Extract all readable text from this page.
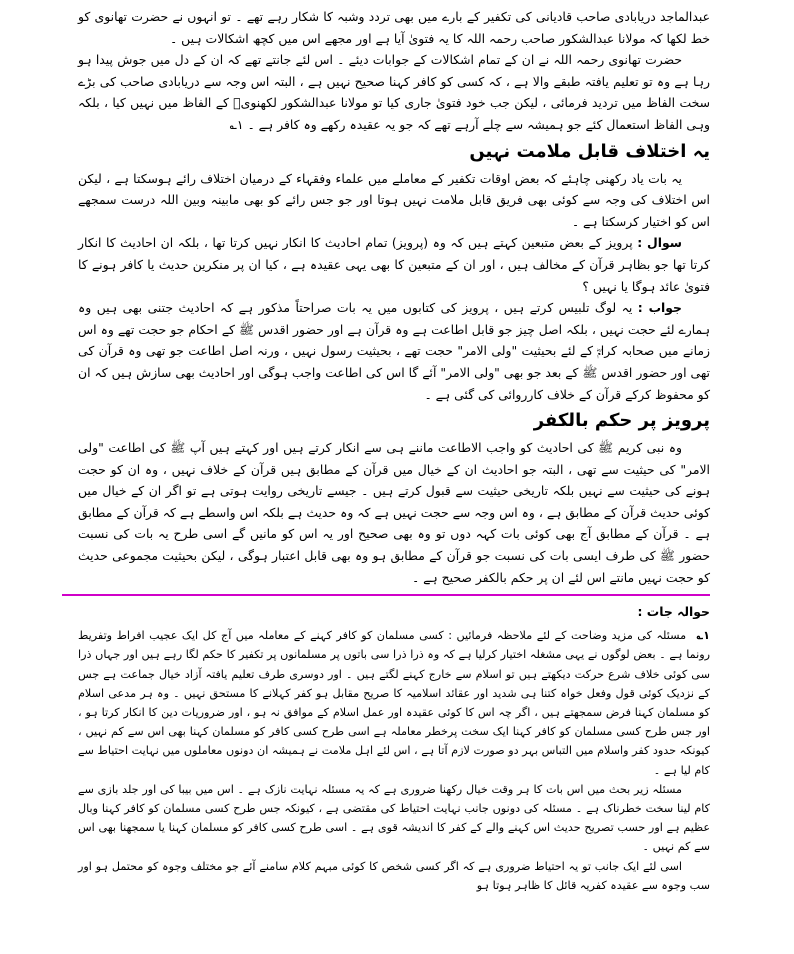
عبدالماجد دریابادی صاحب قادیانی کی تکفیر کے بارے میں بھی تردد وشبہ کا شکار رہے تھے ۔ تو انہوں نے حضرت تھانوی کو خط لکھا کہ مولانا عبدالشکور صاحب رحمہ اللہ کا یہ فتویٰ آیا ہے اور مجھے اس میں کچھ اشکالات ہیں ۔

حضرت تھانوی رحمہ اللہ نے ان کے تمام اشکالات کے جوابات دیئے ۔ اس لئے جانتے تھے کہ ان کے دل میں جوش پیدا ہو رہا ہے وہ تو تعلیم یافتہ طبقے والا ہے ، کہ کسی کو کافر کہنا صحیح نہیں ہے ، البتہ اس وجہ سے دریابادی صاحب کی بڑے سخت الفاظ میں تردید فرمائی ، لیکن جب خود فتویٰ جاری کیا تو مولانا عبدالشکور لکھنویؒ کے الفاظ میں نہیں کیا ، بلکہ وہی الفاظ استعمال کئے جو ہمیشہ سے چلے آرہے تھے کہ جو یہ عقیدہ رکھے وہ کافر ہے ۔ ۱؎

یہ اختلاف قابل ملامت نہیں

یہ بات یاد رکھنی چاہئے کہ بعض اوقات تکفیر کے معاملے میں علماء وفقہاء کے درمیان اختلاف رائے ہوسکتا ہے ، لیکن اس اختلاف کی وجہ سے کوئی بھی فریق قابل ملامت نہیں ہوتا اور جو جس رائے کو بھی مابینہ وبین اللہ درست سمجھے اس کو اختیار کرسکتا ہے ۔

سوال : پرویز کے بعض متبعین کہتے ہیں کہ وہ (پرویز) تمام احادیث کا انکار نہیں کرتا تھا ، بلکہ ان احادیث کا انکار کرتا تھا جو بظاہر قرآن کے مخالف ہیں ، اور ان کے متبعین کا بھی یہی عقیدہ ہے ، کیا ان پر منکرین حدیث یا کافر ہونے کا فتویٰ عائد ہوگا یا نہیں ؟

جواب : یہ لوگ تلبیس کرتے ہیں ، پرویز کی کتابوں میں یہ بات صراحتاً مذکور ہے کہ احادیث جتنی بھی ہیں وہ ہمارے لئے حجت نہیں ، بلکہ اصل چیز جو قابل اطاعت ہے وہ قرآن ہے اور حضور اقدس ﷺ کے احکام جو حجت تھے وہ اس زمانے میں صحابہ کرامؓ کے لئے بحیثیت "ولی الامر" حجت تھے ، بحیثیت رسول نہیں ، ورنہ اصل اطاعت جو تھی وہ قرآن کی تھی اور حضور اقدس ﷺ کے بعد جو بھی "ولی الامر" آئے گا اس کی اطاعت واجب ہوگی اور احادیث بھی سازش ہیں کہ ان کو محفوظ کرکے قرآن کے خلاف کارروائی کی گئی ہے ۔

پرویز پر حکم بالکفر

وہ نبی کریم ﷺ کی احادیث کو واجب الاطاعت ماننے ہی سے انکار کرتے ہیں اور کہتے ہیں آپ ﷺ کی اطاعت "ولی الامر" کی حیثیت سے تھی ، البتہ جو احادیث ان کے خیال میں قرآن کے مطابق ہیں قرآن کے خلاف نہیں ، وہ ان کو حجت ہونے کی حیثیت سے نہیں بلکہ تاریخی حیثیت سے قبول کرتے ہیں ۔ جیسے تاریخی روایت ہوتی ہے تو اگر ان کے خیال میں کوئی حدیث قرآن کے مطابق ہے ، وہ اس وجہ سے حجت نہیں ہے کہ وہ حدیث ہے بلکہ اس واسطے ہے کہ قرآن کے مطابق ہے ۔ قرآن کے مطابق آج بھی کوئی بات کہہ دوں تو وہ بھی صحیح اور یہ اس کو مانیں گے اسی طرح یہ بات کی نسبت حضور ﷺ کی طرف ایسی بات کی نسبت جو قرآن کے مطابق ہو وہ بھی قابل اعتبار ہوگی ، لیکن بحیثیت مجموعی حدیث کو حجت نہیں مانتے اس لئے ان پر حکم بالکفر صحیح ہے ۔

حوالہ جات :

۱؎ مسئلہ کی مزید وضاحت کے لئے ملاحظہ فرمائیں : کسی مسلمان کو کافر کہنے کے معاملہ میں آج کل ایک عجیب افراط وتفریط رونما ہے ۔ بعض لوگوں نے یہی مشغلہ اختیار کرلیا ہے کہ وہ ذرا ذرا سی باتوں پر مسلمانوں پر تکفیر کا حکم لگا رہے ہیں اور جہاں ذرا سی کوئی خلاف شرع حرکت دیکھتے ہیں تو اسلام سے خارج کہنے لگتے ہیں ۔ اور دوسری طرف تعلیم یافتہ آزاد خیال جماعت ہے جس کے نزدیک کوئی قول وفعل خواہ کتنا ہی شدید اور عقائد اسلامیہ کا صریح مقابل ہو کفر کہلانے کا مستحق نہیں ۔ وہ ہر مدعی اسلام کو مسلمان کہنا فرض سمجھتے ہیں ، اگر چہ اس کا کوئی عقیدہ اور عمل اسلام کے موافق نہ ہو ، اور ضروریات دین کا انکار کرتا ہو ، اور جس طرح کسی مسلمان کو کافر کہنا ایک سخت پرخطر معاملہ ہے اسی طرح کسی کافر کو مسلمان کہنا بھی اس سے کم نہیں ، کیونکہ حدود کفر واسلام میں التباس بہر دو صورت لازم آتا ہے ، اس لئے اہل ملامت نے ہمیشہ ان دونوں معاملوں میں نہایت احتیاط سے کام لیا ہے ۔

مسئلہ زیر بحث میں اس بات کا ہر وقت خیال رکھنا ضروری ہے کہ یہ مسئلہ نہایت نازک ہے ۔ اس میں بیبا کی اور جلد بازی سے کام لینا سخت خطرناک ہے ۔ مسئلہ کی دونوں جانب نہایت احتیاط کی مقتضی ہے ، کیونکہ جس طرح کسی مسلمان کو کافر کہنا وبال عظیم ہے اور حسب تصریح حدیث اس کہنے والے کے کفر کا اندیشہ قوی ہے ۔ اسی طرح کسی کافر کو مسلمان کہنا یا سمجھنا بھی اس سے کم نہیں ۔

اسی لئے ایک جانب تو یہ احتیاط ضروری ہے کہ اگر کسی شخص کا کوئی مبہم کلام سامنے آئے جو مختلف وجوہ کو محتمل ہو اور سب وجوہ سے عقیدہ کفریہ قائل کا ظاہر ہوتا ہو
